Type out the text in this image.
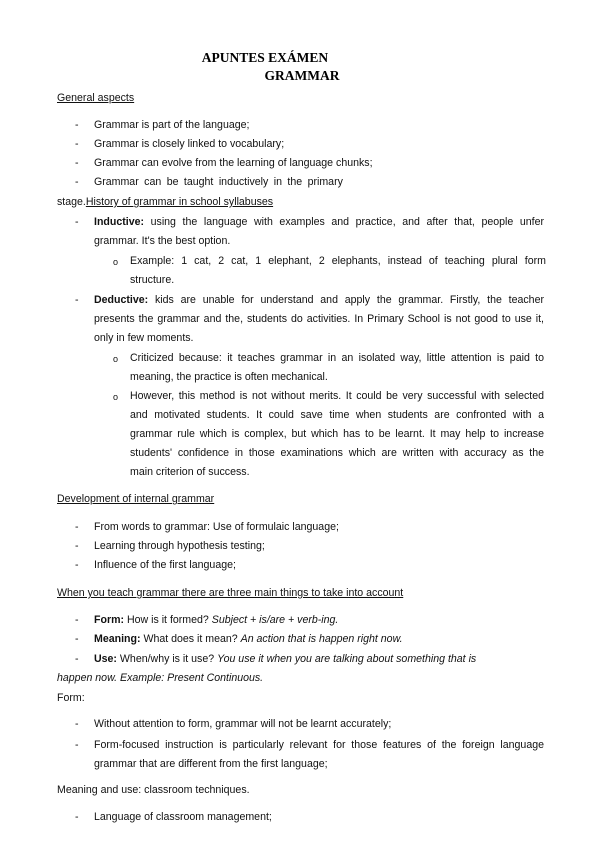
APUNTES EXÁMEN
GRAMMAR
General aspects
- Grammar is part of the language;
- Grammar is closely linked to vocabulary;
- Grammar can evolve from the learning of language chunks;
- Grammar can be taught inductively in the primary
stage.History of grammar in school syllabuses
- Inductive: using the language with examples and practice, and after that, people unfer
grammar. It's the best option.
o Example: 1 cat, 2 cat, 1 elephant, 2 elephants, instead of teaching plural form
structure.
- Deductive: kids are unable for understand and apply the grammar. Firstly, the teacher
presents the grammar and the, students do activities. In Primary School is not good to use it,
only in few moments.
o Criticized because: it teaches grammar in an isolated way, little attention is paid to
meaning, the practice is often mechanical.
o However, this method is not without merits. It could be very successful with selected
and motivated students. It could save time when students are confronted with a
grammar rule which is complex, but which has to be learnt. It may help to increase
students' confidence in those examinations which are written with accuracy as the
main criterion of success.
Development of internal grammar
- From words to grammar: Use of formulaic language;
- Learning through hypothesis testing;
- Influence of the first language;
When you teach grammar there are three main things to take into account
- Form: How is it formed? Subject + is/are + verb-ing.
- Meaning: What does it mean? An action that is happen right now.
- Use: When/why is it use? You use it when you are talking about something that is
happen now. Example: Present Continuous.
Form:
- Without attention to form, grammar will not be learnt accurately;
- Form-focused instruction is particularly relevant for those features of the foreign language
grammar that are different from the first language;
Meaning and use: classroom techniques.
- Language of classroom management;
